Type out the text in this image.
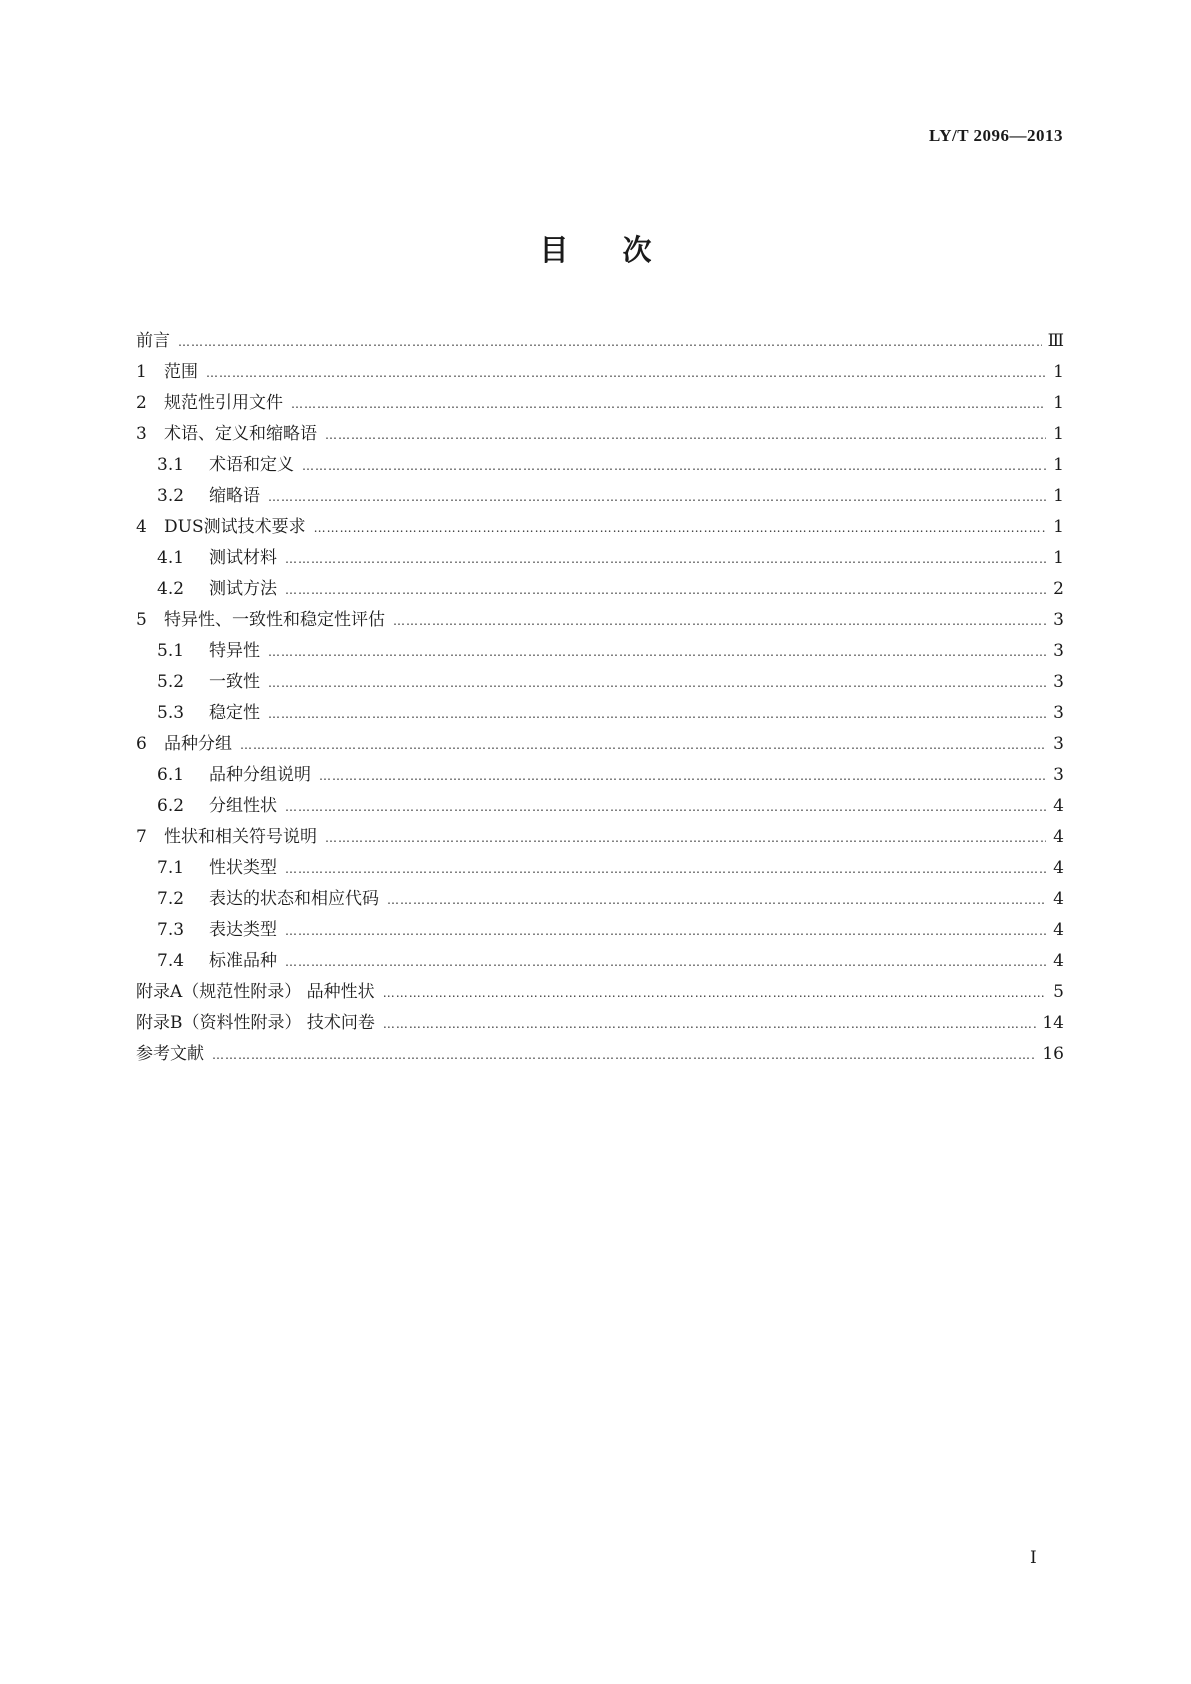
LY/T 2096—2013
目次
前言 …………………………………………………………………………………………………………………………………………………………………………………………………………………………	Ⅲ
1	范围 …………………………………………………………………………………………………………………………………………………………………………………………………………………………	1
2	规范性引用文件 …………………………………………………………………………………………………………………………………………………………………………………………………………………………	1
3	术语、定义和缩略语 …………………………………………………………………………………………………………………………………………………………………………………………………………………………	1
3.1	术语和定义 …………………………………………………………………………………………………………………………………………………………………………………………………………………………	1
3.2	缩略语 …………………………………………………………………………………………………………………………………………………………………………………………………………………………	1
4	DUS测试技术要求 …………………………………………………………………………………………………………………………………………………………………………………………………………………………	1
4.1	测试材料 …………………………………………………………………………………………………………………………………………………………………………………………………………………………	1
4.2	测试方法 …………………………………………………………………………………………………………………………………………………………………………………………………………………………	2
5	特异性、一致性和稳定性评估 …………………………………………………………………………………………………………………………………………………………………………………………………………………………	3
5.1	特异性 …………………………………………………………………………………………………………………………………………………………………………………………………………………………	3
5.2	一致性 …………………………………………………………………………………………………………………………………………………………………………………………………………………………	3
5.3	稳定性 …………………………………………………………………………………………………………………………………………………………………………………………………………………………	3
6	品种分组 …………………………………………………………………………………………………………………………………………………………………………………………………………………………	3
6.1	品种分组说明 …………………………………………………………………………………………………………………………………………………………………………………………………………………………	3
6.2	分组性状 …………………………………………………………………………………………………………………………………………………………………………………………………………………………	4
7	性状和相关符号说明 …………………………………………………………………………………………………………………………………………………………………………………………………………………………	4
7.1	性状类型 …………………………………………………………………………………………………………………………………………………………………………………………………………………………	4
7.2	表达的状态和相应代码 …………………………………………………………………………………………………………………………………………………………………………………………………………………………	4
7.3	表达类型 …………………………………………………………………………………………………………………………………………………………………………………………………………………………	4
7.4	标准品种 …………………………………………………………………………………………………………………………………………………………………………………………………………………………	4
附录A（规范性附录） 品种性状 …………………………………………………………………………………………………………………………………………………………………………………………………………………………	5
附录B（资料性附录） 技术问卷 …………………………………………………………………………………………………………………………………………………………………………………………………………………………	14
参考文献 …………………………………………………………………………………………………………………………………………………………………………………………………………………………	16
I
